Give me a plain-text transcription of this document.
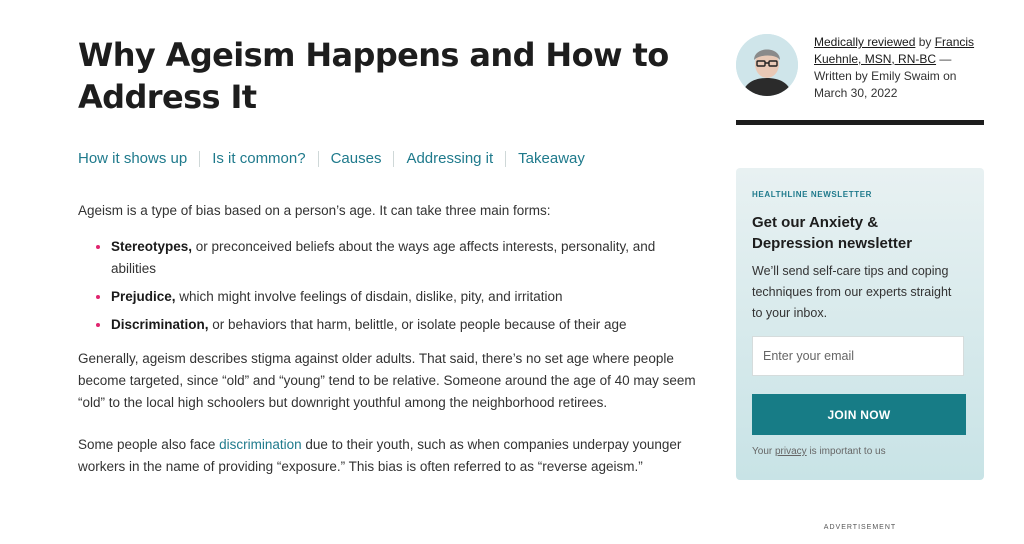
Why Ageism Happens and How to Address It
How it shows up Is it common? Causes Addressing it Takeaway

Ageism is a type of bias based on a person’s age. It can take three main forms:

Stereotypes, or preconceived beliefs about the ways age affects interests, personality, and abilities
Prejudice, which might involve feelings of disdain, dislike, pity, and irritation
Discrimination, or behaviors that harm, belittle, or isolate people because of their age

Generally, ageism describes stigma against older adults. That said, there’s no set age where people become targeted, since “old” and “young” tend to be relative. Someone around the age of 40 may seem “old” to the local high schoolers but downright youthful among the neighborhood retirees.

Some people also face discrimination due to their youth, such as when companies underpay younger workers in the name of providing “exposure.” This bias is often referred to as “reverse ageism.”

Medically reviewed by Francis Kuehnle, MSN, RN-BC — Written by Emily Swaim on March 30, 2022
HEALTHLINE NEWSLETTER
Get our Anxiety & Depression newsletter
We’ll send self-care tips and coping techniques from our experts straight to your inbox.
Enter your email
JOIN NOW
Your privacy is important to us
ADVERTISEMENT
